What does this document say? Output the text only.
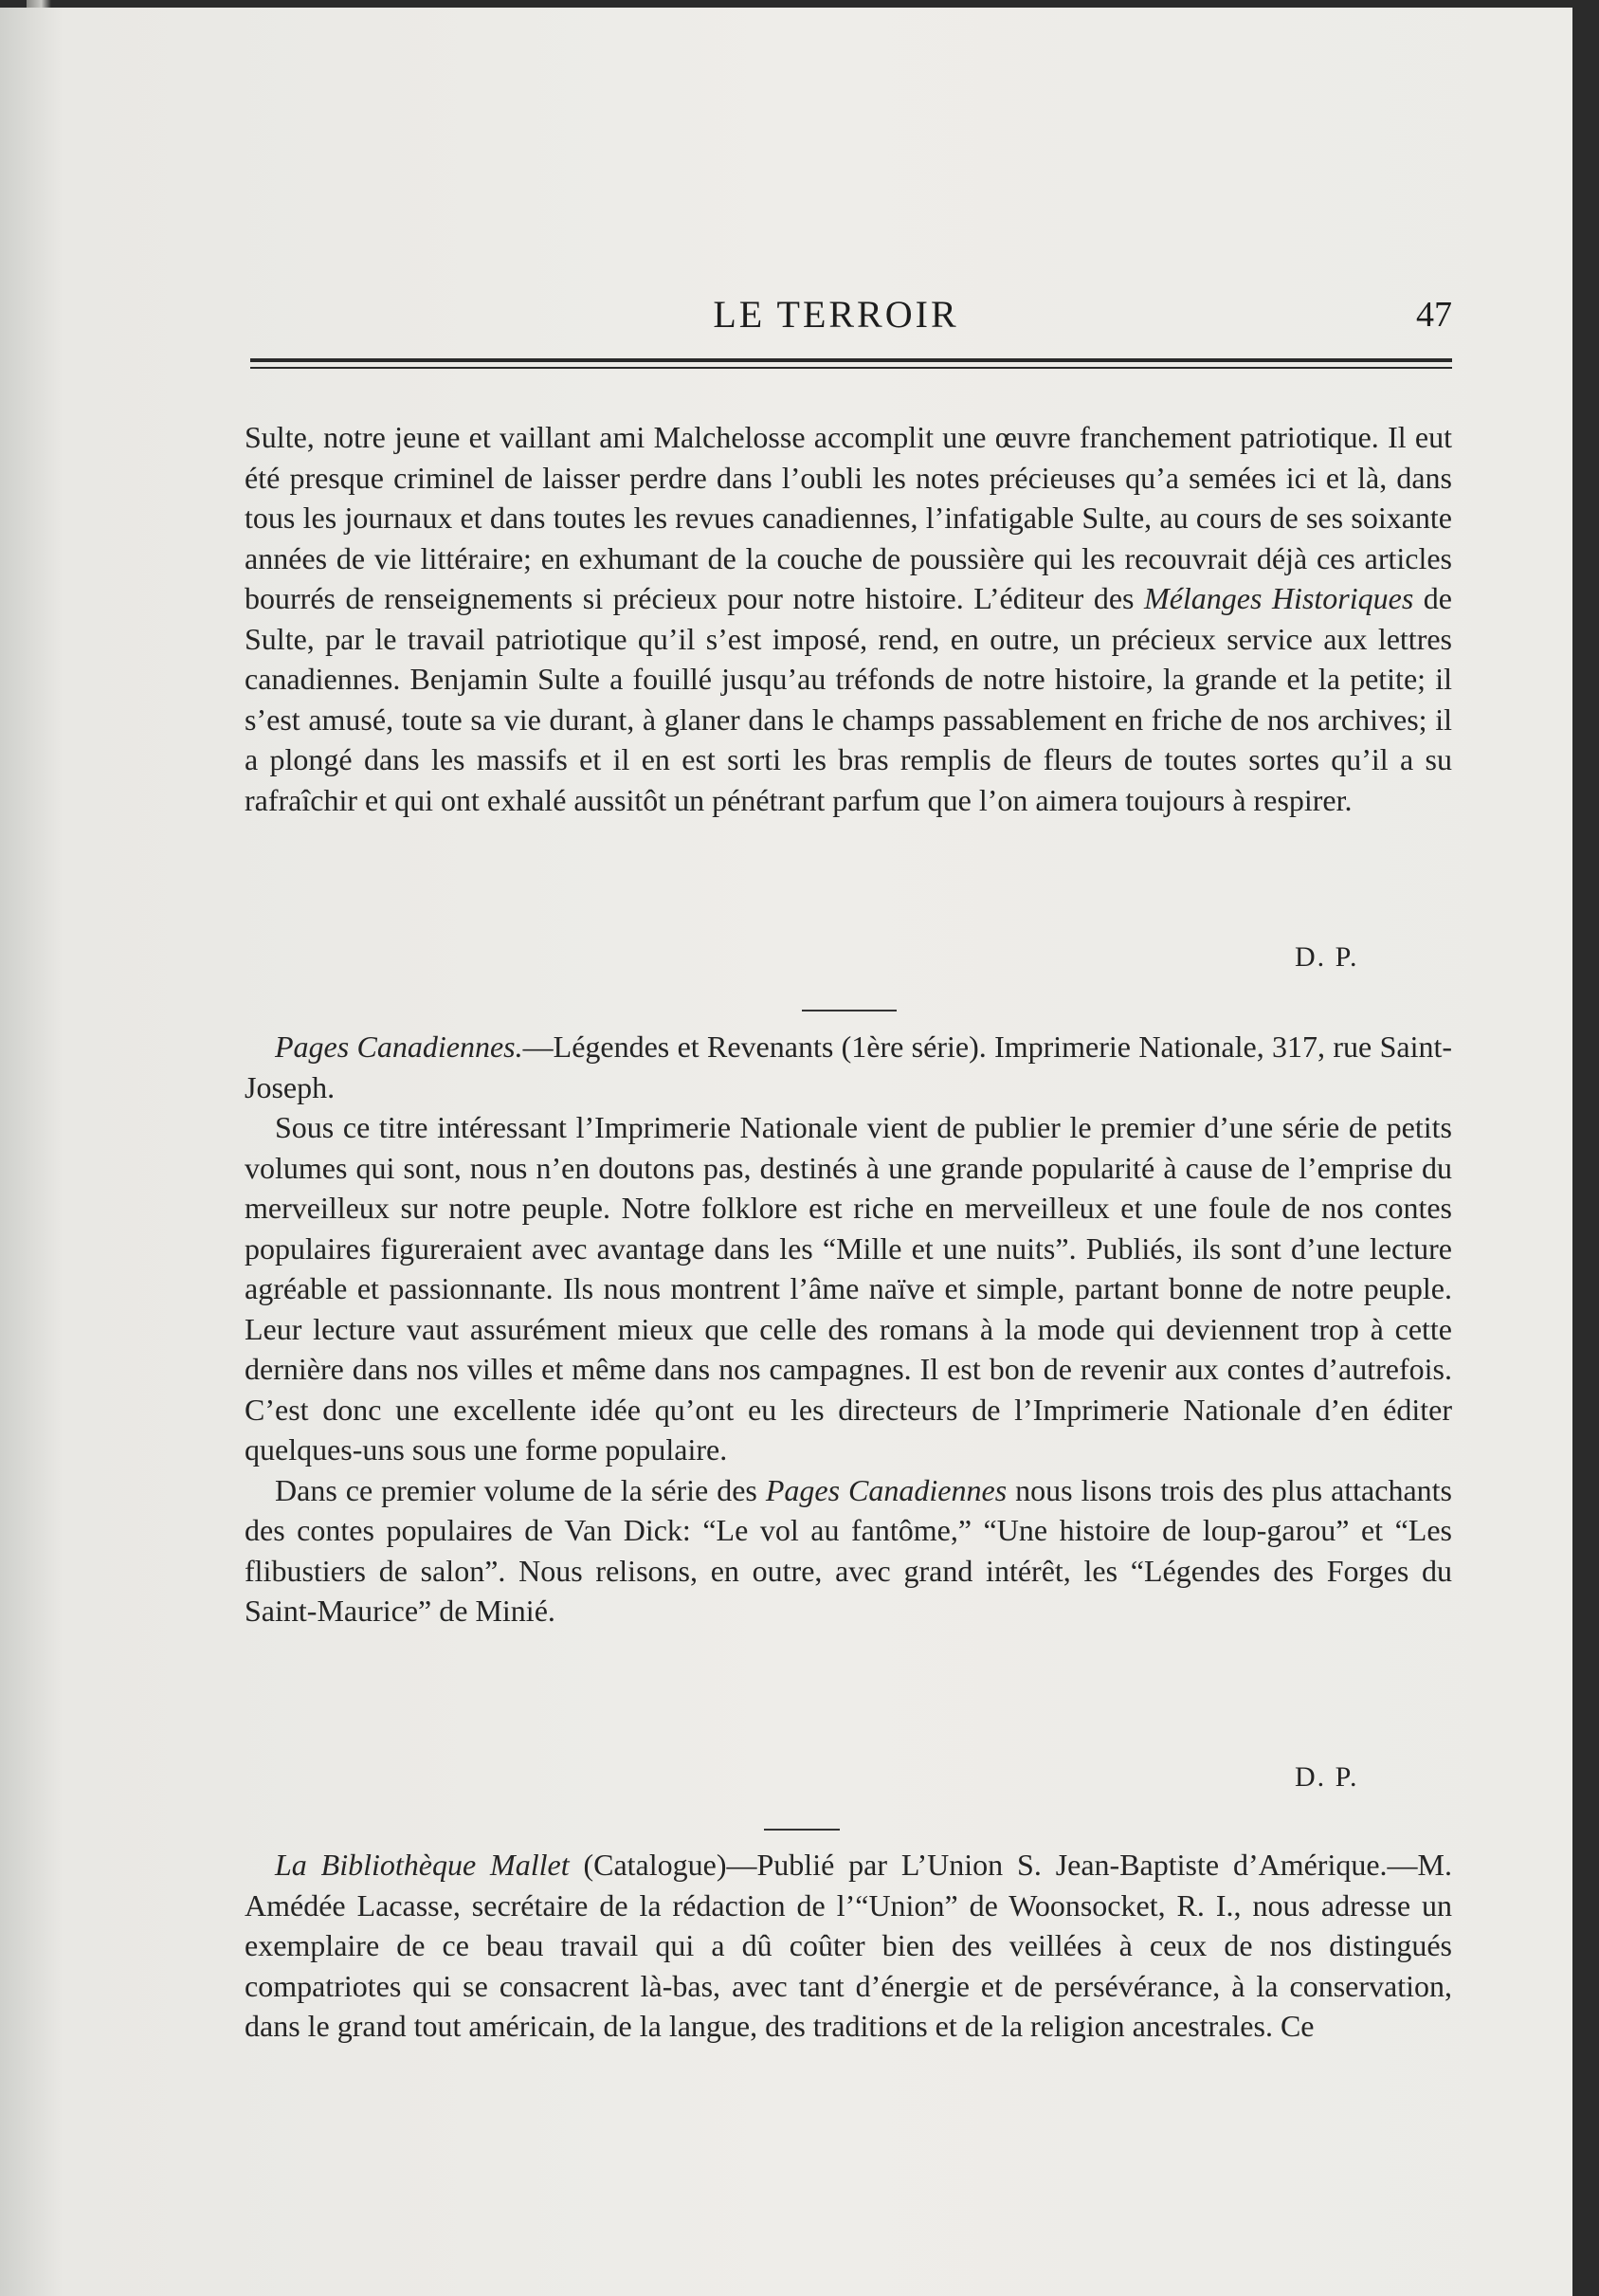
LE TERROIR	47

Sulte, notre jeune et vaillant ami Malchelosse accomplit une œuvre franchement patriotique. Il eut été presque criminel de laisser perdre dans l’oubli les notes précieuses qu’a semées ici et là, dans tous les journaux et dans toutes les revues canadiennes, l’infatigable Sulte, au cours de ses soixante années de vie littéraire; en exhumant de la couche de poussière qui les recouvrait déjà ces articles bourrés de renseignements si précieux pour notre histoire. L’éditeur des Mélanges Historiques de Sulte, par le travail patriotique qu’il s’est imposé, rend, en outre, un précieux service aux lettres canadiennes. Benjamin Sulte a fouillé jusqu’au tréfonds de notre histoire, la grande et la petite; il s’est amusé, toute sa vie durant, à glaner dans le champs passablement en friche de nos archives; il a plongé dans les massifs et il en est sorti les bras remplis de fleurs de toutes sortes qu’il a su rafraîchir et qui ont exhalé aussitôt un pénétrant parfum que l’on aimera toujours à respirer.

D. P.

Pages Canadiennes.—Légendes et Revenants (1ère série). Imprimerie Nationale, 317, rue Saint-Joseph.

Sous ce titre intéressant l’Imprimerie Nationale vient de publier le premier d’une série de petits volumes qui sont, nous n’en doutons pas, destinés à une grande popularité à cause de l’emprise du merveilleux sur notre peuple. Notre folklore est riche en merveilleux et une foule de nos contes populaires figureraient avec avantage dans les “Mille et une nuits”. Publiés, ils sont d’une lecture agréable et passionnante. Ils nous montrent l’âme naïve et simple, partant bonne de notre peuple. Leur lecture vaut assurément mieux que celle des romans à la mode qui deviennent trop à cette dernière dans nos villes et même dans nos campagnes. Il est bon de revenir aux contes d’autrefois. C’est donc une excellente idée qu’ont eu les directeurs de l’Imprimerie Nationale d’en éditer quelques-uns sous une forme populaire.

Dans ce premier volume de la série des Pages Canadiennes nous lisons trois des plus attachants des contes populaires de Van Dick: “Le vol au fantôme,” “Une histoire de loup-garou” et “Les flibustiers de salon”. Nous relisons, en outre, avec grand intérêt, les “Légendes des Forges du Saint-Maurice” de Minié.

D. P.

La Bibliothèque Mallet (Catalogue)—Publié par L’Union S. Jean-Baptiste d’Amérique.—M. Amédée Lacasse, secrétaire de la rédaction de l’“Union” de Woonsocket, R. I., nous adresse un exemplaire de ce beau travail qui a dû coûter bien des veillées à ceux de nos distingués compatriotes qui se consacrent là-bas, avec tant d’énergie et de persévérance, à la conservation, dans le grand tout américain, de la langue, des traditions et de la religion ancestrales. Ce
